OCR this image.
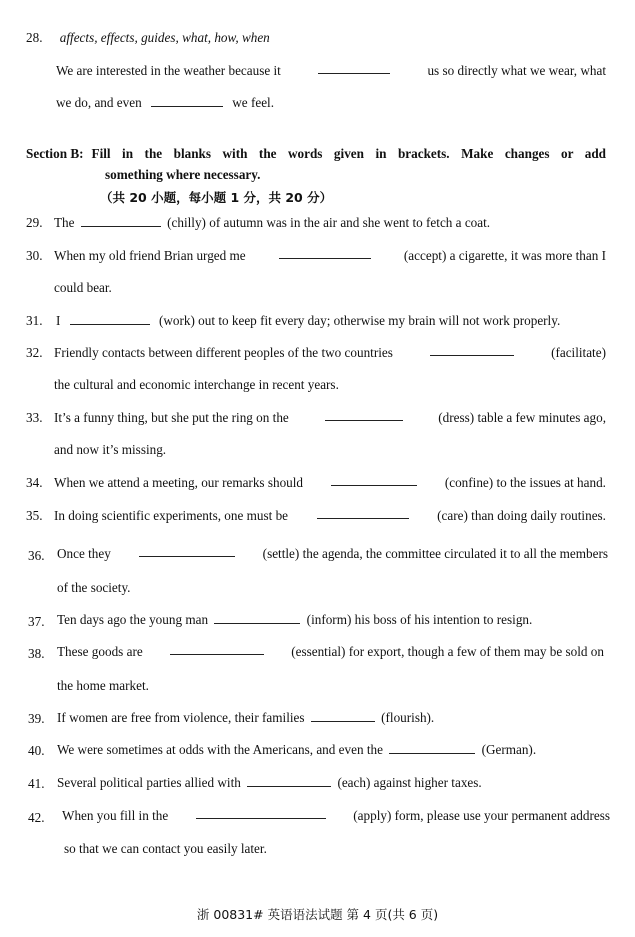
28. affects, effects, guides, what, how, when
We are interested in the weather because it	us so directly what we wear, what
we do, and even	we feel.
Section B: Fill in the blanks with the words given in brackets. Make changes or add
something where necessary.
（共 20 小题，每小题 1 分，共 20 分）
29. The	(chilly) of autumn was in the air and she went to fetch a coat.
30. When my old friend Brian urged me	(accept) a cigarette, it was more than I
could bear.
31. I	(work) out to keep fit every day; otherwise my brain will not work properly.
32. Friendly contacts between different peoples of the two countries	(facilitate)
the cultural and economic interchange in recent years.
33. It’s a funny thing, but she put the ring on the	(dress) table a few minutes ago,
and now it’s missing.
34. When we attend a meeting, our remarks should	(confine) to the issues at hand.
35. In doing scientific experiments, one must be	(care) than doing daily routines.
36. Once they	(settle) the agenda, the committee circulated it to all the members
of the society.
37. Ten days ago the young man	(inform) his boss of his intention to resign.
38. These goods are	(essential) for export, though a few of them may be sold on
the home market.
39. If women are free from violence, their families	(flourish).
40. We were sometimes at odds with the Americans, and even the	(German).
41. Several political parties allied with	(each) against higher taxes.
42. When you fill in the	(apply) form, please use your permanent address
so that we can contact you easily later.
浙 00831# 英语语法试题 第 4 页(共 6 页)
